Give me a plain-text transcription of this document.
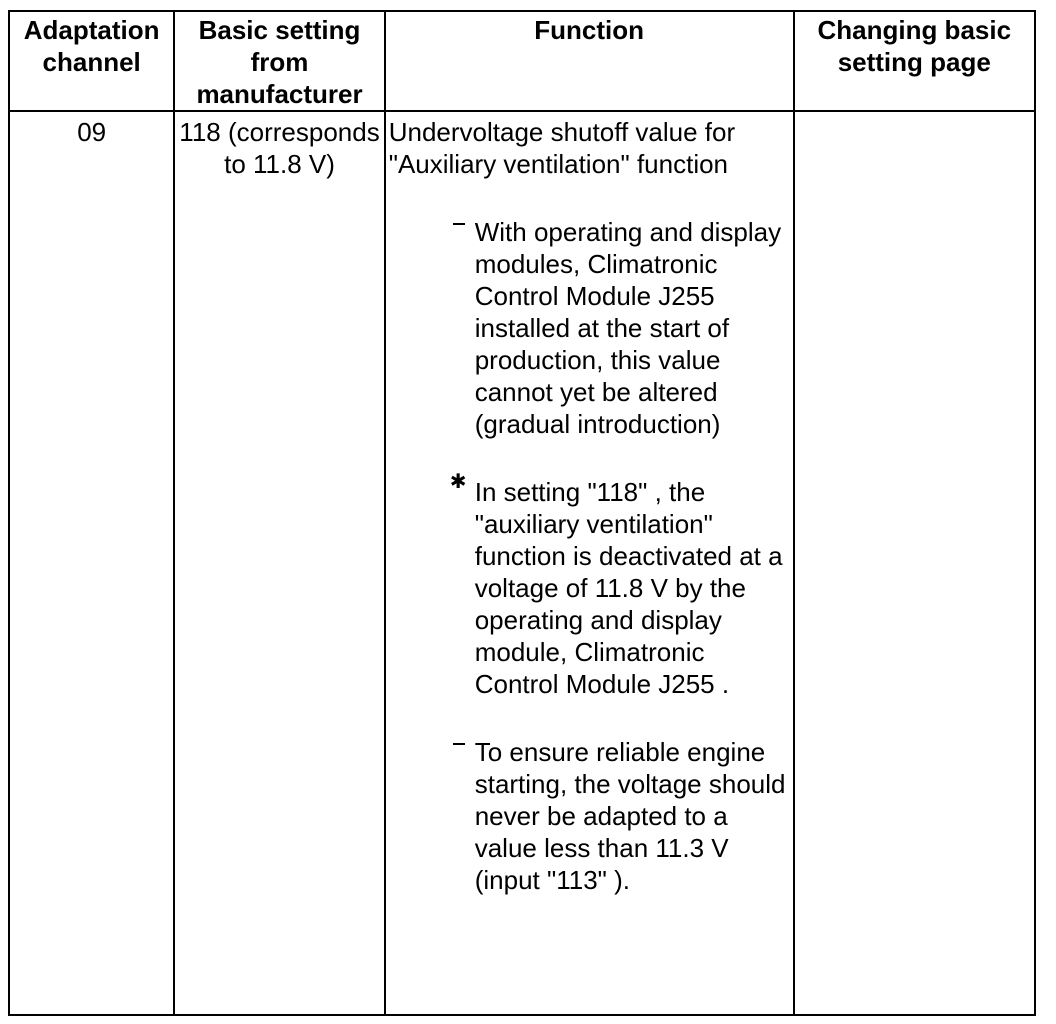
Adaptation channel	Basic setting from manufacturer	Function	Changing basic setting page
09	118 (corresponds to 11.8 V)	Undervoltage shutoff value for "Auxiliary ventilation" function
With operating and display modules, Climatronic Control Module J255 installed at the start of production, this value cannot yet be altered (gradual introduction)
✱ In setting "118" , the "auxiliary ventilation" function is deactivated at a voltage of 11.8 V by the operating and display module, Climatronic Control Module J255 .
To ensure reliable engine starting, the voltage should never be adapted to a value less than 11.3 V (input "113" ).	
